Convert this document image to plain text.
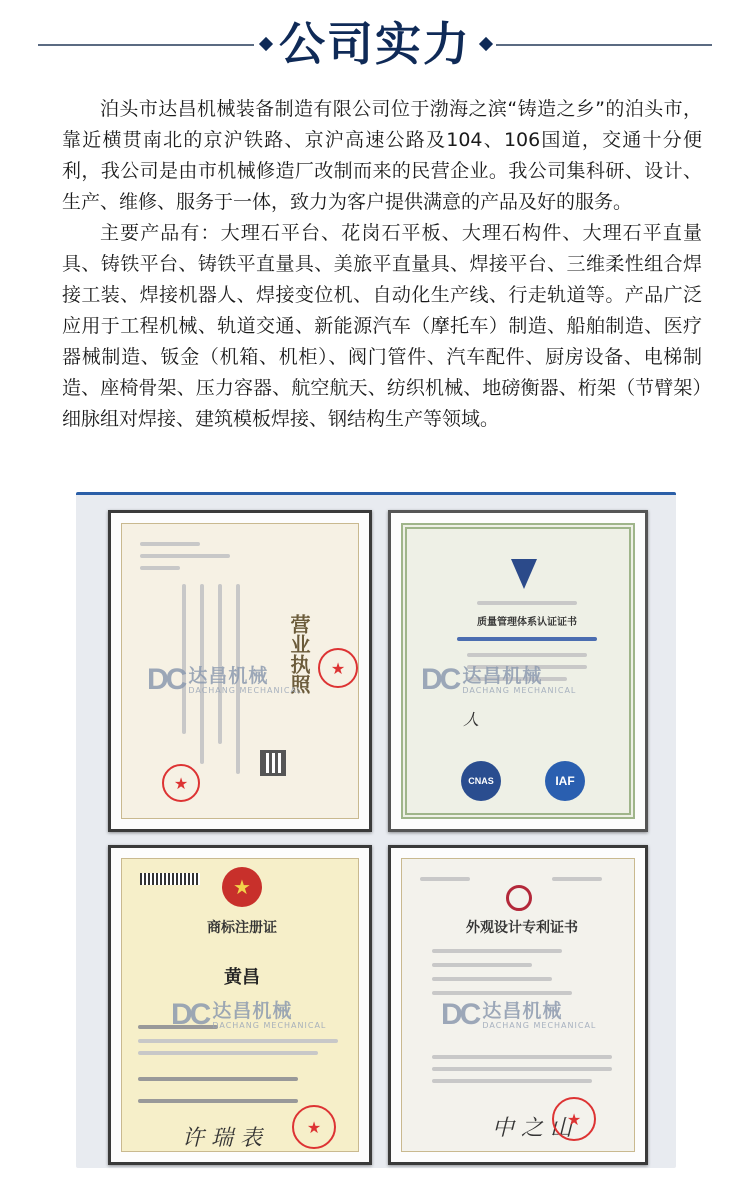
公司实力

泊头市达昌机械装备制造有限公司位于渤海之滨“铸造之乡”的泊头市，靠近横贯南北的京沪铁路、京沪高速公路及104、106国道，交通十分便利，我公司是由市机械修造厂改制而来的民营企业。我公司集科研、设计、生产、维修、服务于一体，致力为客户提供满意的产品及好的服务。

主要产品有：大理石平台、花岗石平板、大理石构件、大理石平直量具、铸铁平台、铸铁平直量具、美旅平直量具、焊接平台、三维柔性组合焊接工装、焊接机器人、焊接变位机、自动化生产线、行走轨道等。产品广泛应用于工程机械、轨道交通、新能源汽车（摩托车）制造、船舶制造、医疗器械制造、钣金（机箱、机柜）、阀门管件、汽车配件、厨房设备、电梯制造、座椅骨架、压力容器、航空航天、纺织机械、地磅衡器、桁架（节臂架）细脉组对焊接、建筑模板焊接、钢结构生产等领域。

营业执照	★
★
DC 达昌机械
DACHANG MECHANICAL
质量管理体系认证证书
人
CNAS	IAF
DC 达昌机械
DACHANG MECHANICAL
★
商标注册证
黄昌
许 瑞 表	★
DC 达昌机械
DACHANG MECHANICAL
外观设计专利证书
中 之 山
★
DC 达昌机械
DACHANG MECHANICAL
